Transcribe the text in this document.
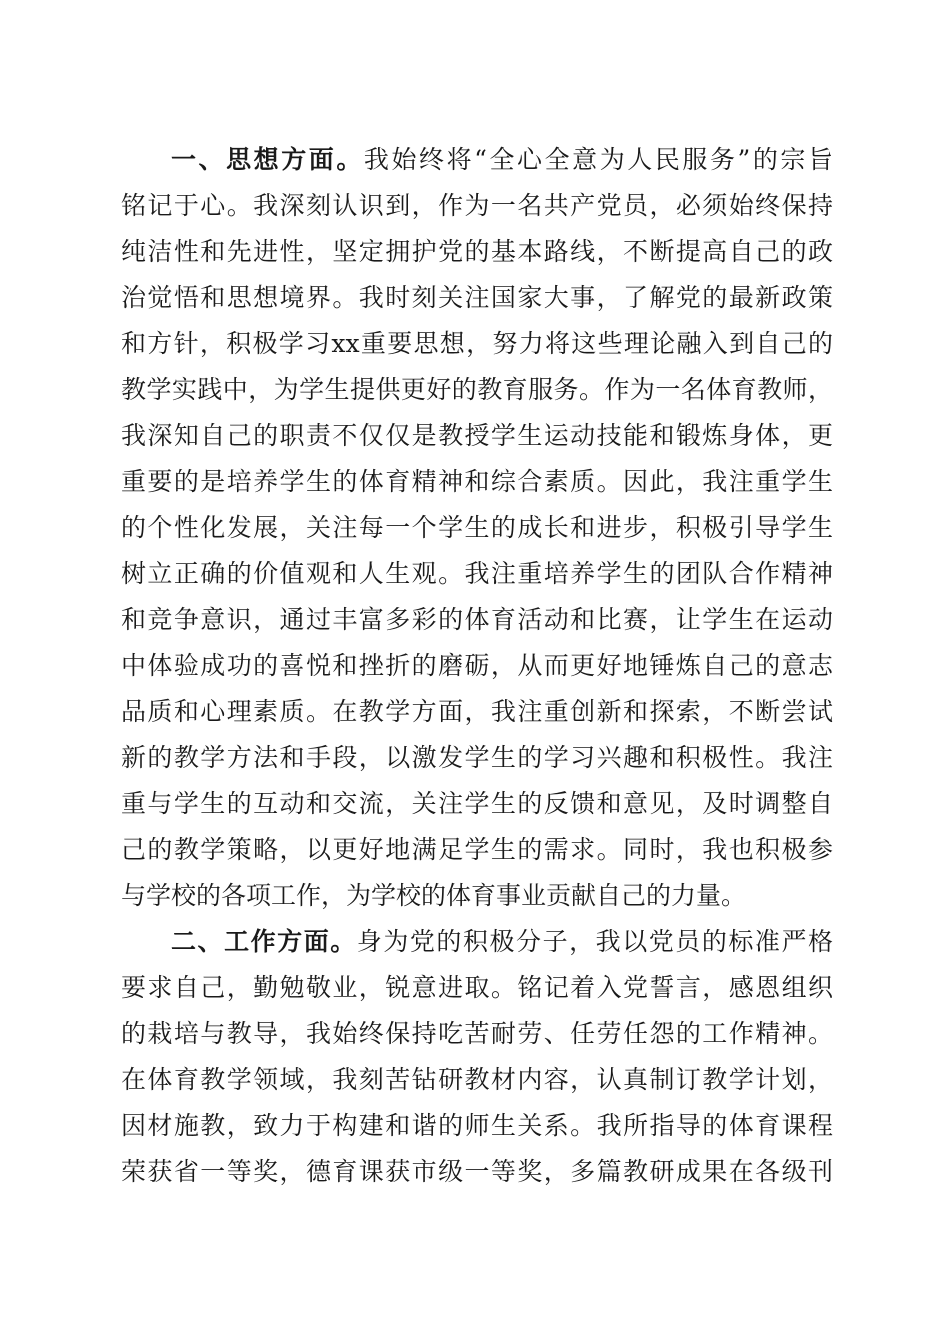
一、思想方面。我始终将“全心全意为人民服务”的宗旨
铭记于心。我深刻认识到，作为一名共产党员，必须始终保持
纯洁性和先进性，坚定拥护党的基本路线，不断提高自己的政
治觉悟和思想境界。我时刻关注国家大事，了解党的最新政策
和方针，积极学习xx重要思想，努力将这些理论融入到自己的
教学实践中，为学生提供更好的教育服务。作为一名体育教师，
我深知自己的职责不仅仅是教授学生运动技能和锻炼身体，更
重要的是培养学生的体育精神和综合素质。因此，我注重学生
的个性化发展，关注每一个学生的成长和进步，积极引导学生
树立正确的价值观和人生观。我注重培养学生的团队合作精神
和竞争意识，通过丰富多彩的体育活动和比赛，让学生在运动
中体验成功的喜悦和挫折的磨砺，从而更好地锤炼自己的意志
品质和心理素质。在教学方面，我注重创新和探索，不断尝试
新的教学方法和手段，以激发学生的学习兴趣和积极性。我注
重与学生的互动和交流，关注学生的反馈和意见，及时调整自
己的教学策略，以更好地满足学生的需求。同时，我也积极参
与学校的各项工作，为学校的体育事业贡献自己的力量。
二、工作方面。身为党的积极分子，我以党员的标准严格
要求自己，勤勉敬业，锐意进取。铭记着入党誓言，感恩组织
的栽培与教导，我始终保持吃苦耐劳、任劳任怨的工作精神。
在体育教学领域，我刻苦钻研教材内容，认真制订教学计划，
因材施教，致力于构建和谐的师生关系。我所指导的体育课程
荣获省一等奖，德育课获市级一等奖，多篇教研成果在各级刊
